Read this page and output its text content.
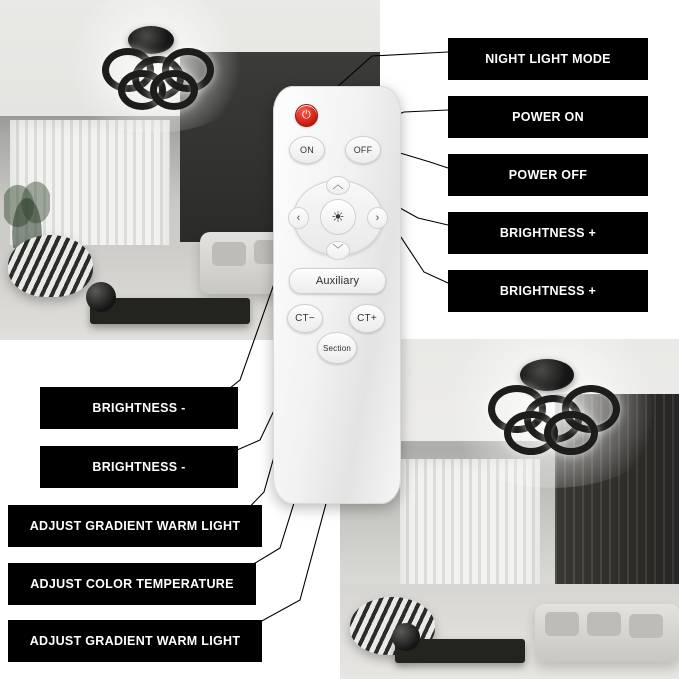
⏻
ON	OFF
︿
﹀
‹	›
☀
Auxiliary
CT−	CT+
Section
NIGHT LIGHT MODE
POWER ON
POWER OFF
BRIGHTNESS +
BRIGHTNESS +
BRIGHTNESS -
BRIGHTNESS -
ADJUST GRADIENT WARM LIGHT
ADJUST COLOR TEMPERATURE
ADJUST GRADIENT WARM LIGHT
